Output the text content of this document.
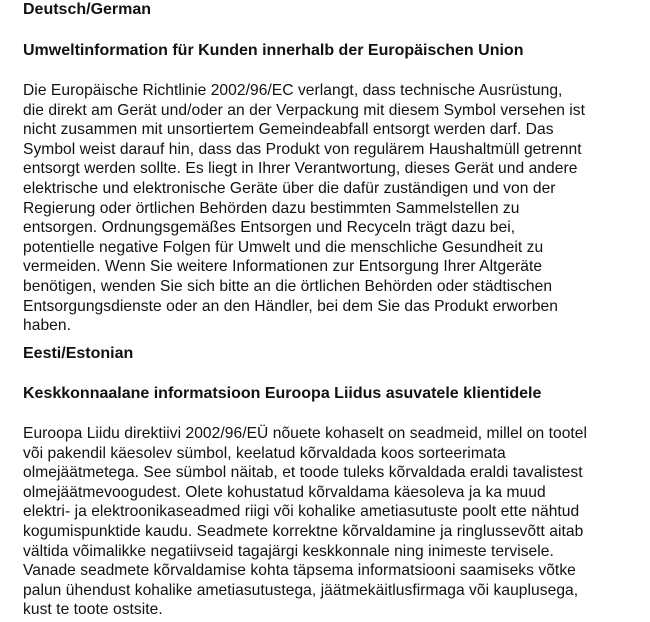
Deutsch/German
Umweltinformation für Kunden innerhalb der Europäischen Union
Die Europäische Richtlinie 2002/96/EC verlangt, dass technische Ausrüstung,
die direkt am Gerät und/oder an der Verpackung mit diesem Symbol versehen ist
nicht zusammen mit unsortiertem Gemeindeabfall entsorgt werden darf. Das
Symbol weist darauf hin, dass das Produkt von regulärem Haushaltmüll getrennt
entsorgt werden sollte. Es liegt in Ihrer Verantwortung, dieses Gerät und andere
elektrische und elektronische Geräte über die dafür zuständigen und von der
Regierung oder örtlichen Behörden dazu bestimmten Sammelstellen zu
entsorgen. Ordnungsgemäßes Entsorgen und Recyceln trägt dazu bei,
potentielle negative Folgen für Umwelt und die menschliche Gesundheit zu
vermeiden. Wenn Sie weitere Informationen zur Entsorgung Ihrer Altgeräte
benötigen, wenden Sie sich bitte an die örtlichen Behörden oder städtischen
Entsorgungsdienste oder an den Händler, bei dem Sie das Produkt erworben
haben.
Eesti/Estonian
Keskkonnaalane informatsioon Euroopa Liidus asuvatele klientidele
Euroopa Liidu direktiivi 2002/96/EÜ nõuete kohaselt on seadmeid, millel on tootel
või pakendil käesolev sümbol, keelatud kõrvaldada koos sorteerimata
olmejäätmetega. See sümbol näitab, et toode tuleks kõrvaldada eraldi tavalistest
olmejäätmevoogudest. Olete kohustatud kõrvaldama käesoleva ja ka muud
elektri- ja elektroonikaseadmed riigi või kohalike ametiasutuste poolt ette nähtud
kogumispunktide kaudu. Seadmete korrektne kõrvaldamine ja ringlussevõtt aitab
vältida võimalikke negatiivseid tagajärgi keskkonnale ning inimeste tervisele.
Vanade seadmete kõrvaldamise kohta täpsema informatsiooni saamiseks võtke
palun ühendust kohalike ametiasutustega, jäätmekäitlusfirmaga või kauplusega,
kust te toote ostsite.
